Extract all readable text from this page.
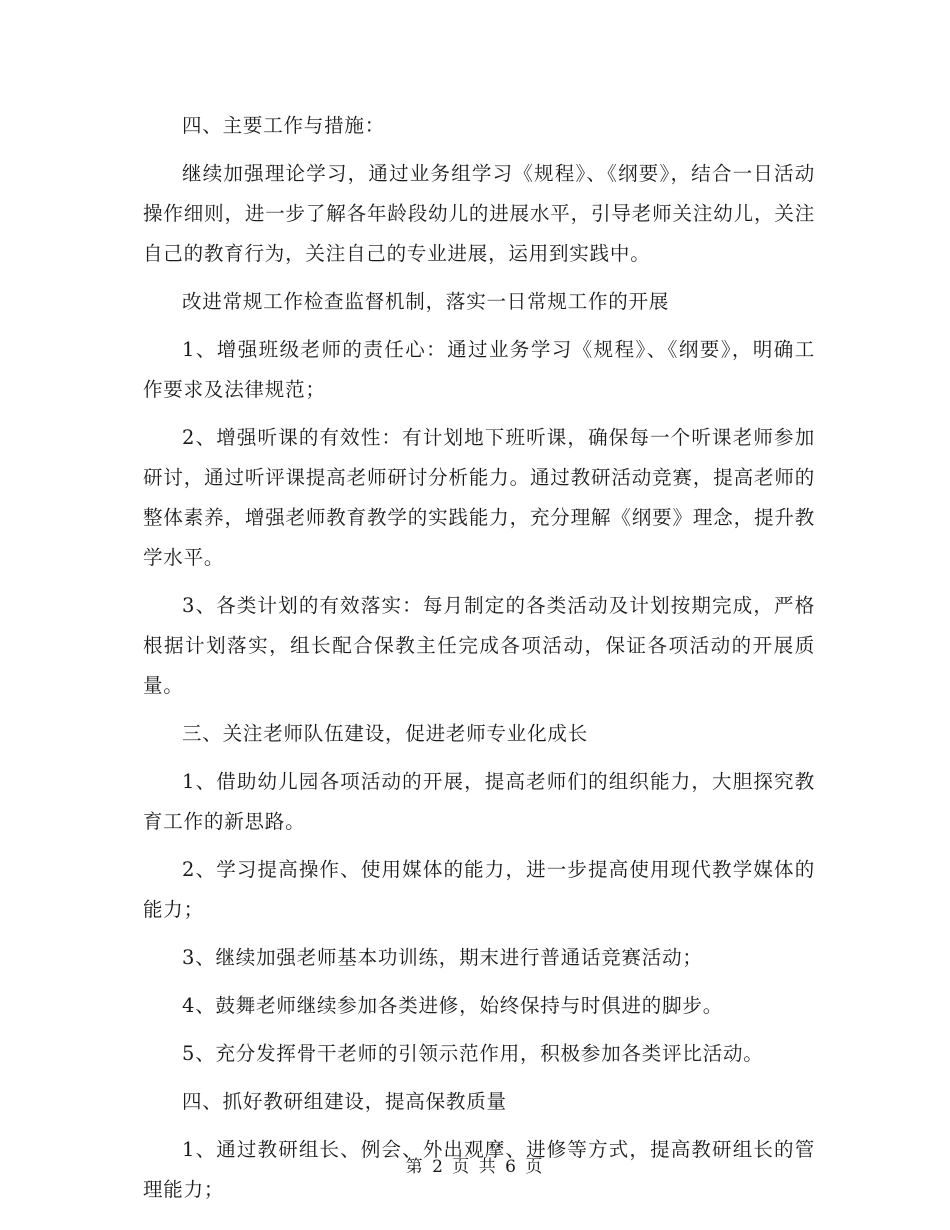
四、主要工作与措施：

继续加强理论学习，通过业务组学习《规程》、《纲要》，结合一日活动操作细则，进一步了解各年龄段幼儿的进展水平，引导老师关注幼儿，关注自己的教育行为，关注自己的专业进展，运用到实践中。

改进常规工作检查监督机制，落实一日常规工作的开展

1、增强班级老师的责任心：通过业务学习《规程》、《纲要》，明确工作要求及法律规范；

2、增强听课的有效性：有计划地下班听课，确保每一个听课老师参加研讨，通过听评课提高老师研讨分析能力。通过教研活动竞赛，提高老师的整体素养，增强老师教育教学的实践能力，充分理解《纲要》理念，提升教学水平。

3、各类计划的有效落实：每月制定的各类活动及计划按期完成，严格根据计划落实，组长配合保教主任完成各项活动，保证各项活动的开展质量。

三、关注老师队伍建设，促进老师专业化成长

1、借助幼儿园各项活动的开展，提高老师们的组织能力，大胆探究教育工作的新思路。

2、学习提高操作、使用媒体的能力，进一步提高使用现代教学媒体的能力；

3、继续加强老师基本功训练，期末进行普通话竞赛活动；

4、鼓舞老师继续参加各类进修，始终保持与时俱进的脚步。

5、充分发挥骨干老师的引领示范作用，积极参加各类评比活动。

四、抓好教研组建设，提高保教质量

1、通过教研组长、例会、外出观摩、进修等方式，提高教研组长的管理能力；

第 2 页 共 6 页
